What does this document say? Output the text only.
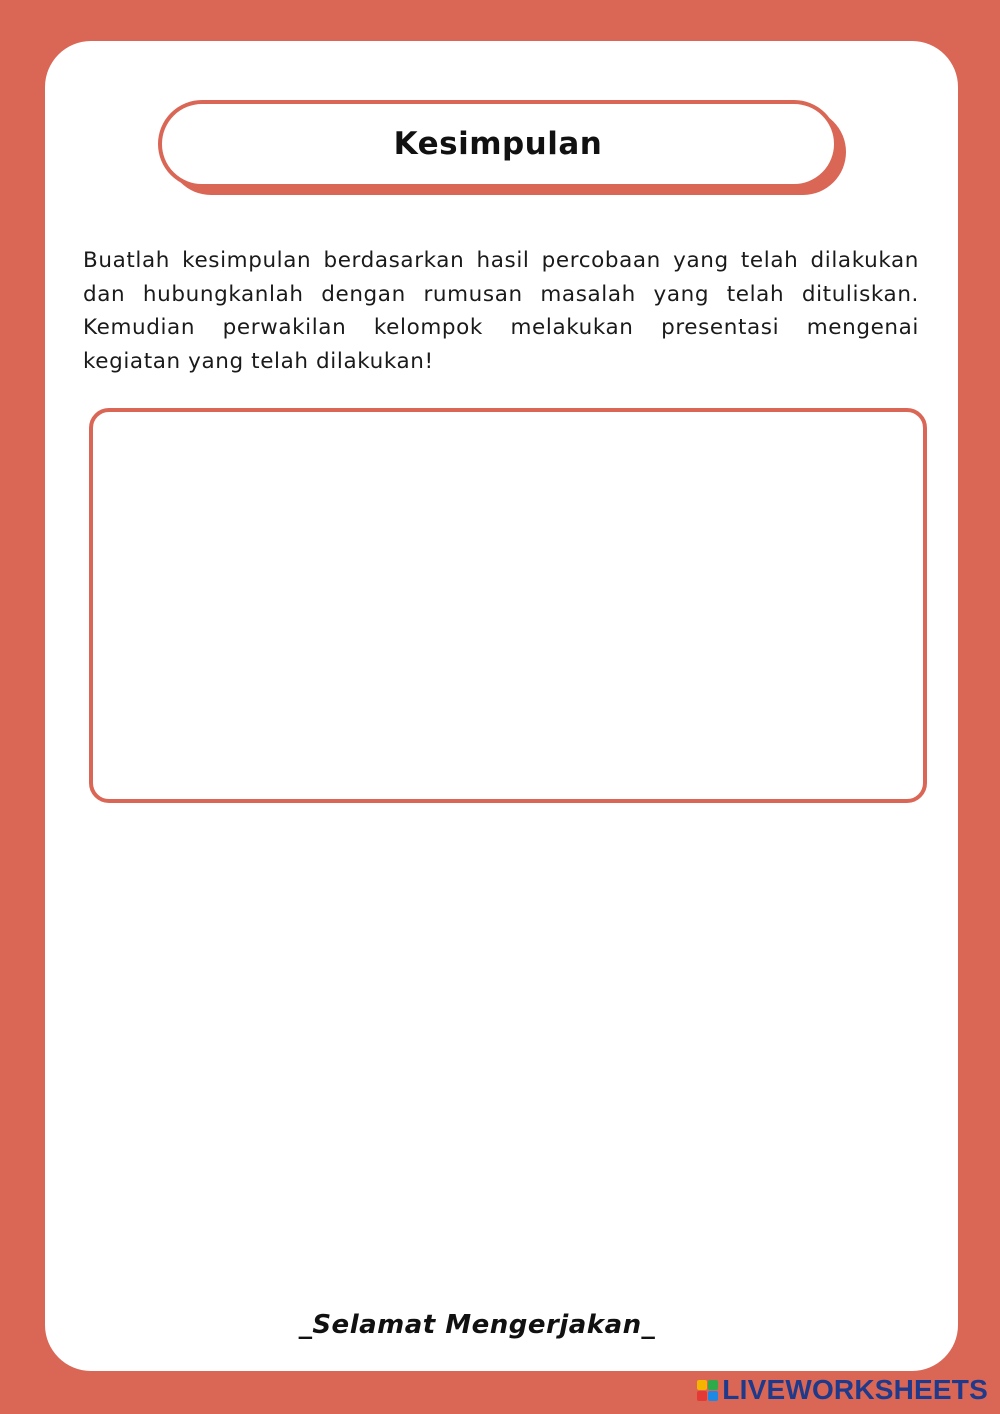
Kesimpulan

Buatlah kesimpulan berdasarkan hasil percobaan yang telah dilakukan dan hubungkanlah dengan rumusan masalah yang telah dituliskan. Kemudian perwakilan kelompok melakukan presentasi mengenai kegiatan yang telah dilakukan!

_Selamat Mengerjakan_
LIVEWORKSHEETS
